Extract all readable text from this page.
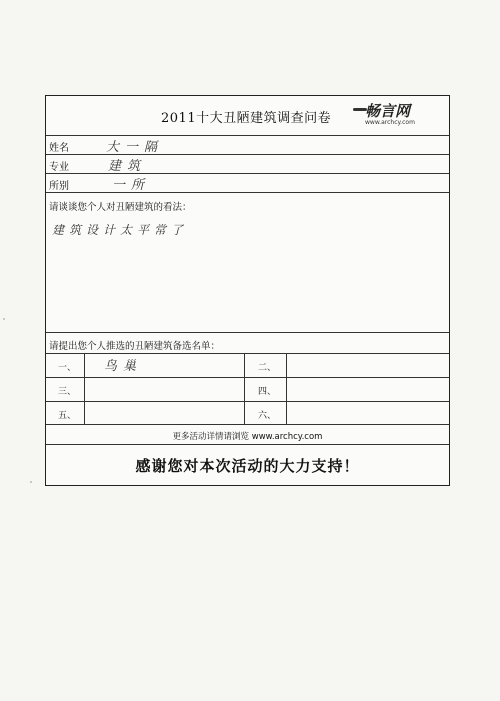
2011十大丑陋建筑调查问卷 畅言网
www.archcy.com
姓名	大一隔
专业	建筑
所别	一所
请谈谈您个人对丑陋建筑的看法：
建筑设计太平常了
请提出您个人推选的丑陋建筑备选名单：
一、 鸟巢	二、
三、	四、
五、	六、
更多活动详情请浏览 www.archcy.com
感谢您对本次活动的大力支持！
